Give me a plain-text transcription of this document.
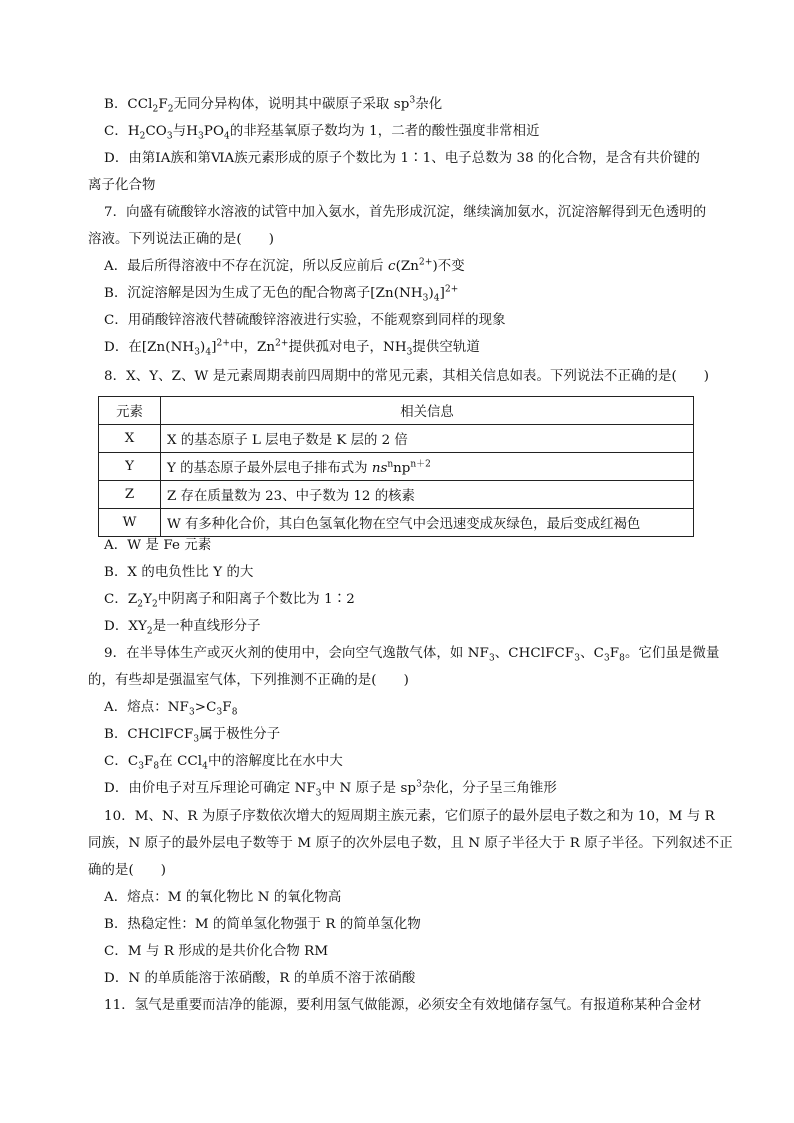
B．$CCl_2F_2$无同分异构体，说明其中碳原子采取 $sp^3$杂化
C．$H_2CO_3$与$H_3PO_4$的非羟基氧原子数均为 1，二者的酸性强度非常相近
D．由第ⅠA族和第ⅥA族元素形成的原子个数比为 1∶1、电子总数为 38 的化合物，是含有共价键的
离子化合物
7．向盛有硫酸锌水溶液的试管中加入氨水，首先形成沉淀，继续滴加氨水，沉淀溶解得到无色透明的
溶液。下列说法正确的是(　　)
A．最后所得溶液中不存在沉淀，所以反应前后 $c(Zn^{2+})$不变
B．沉淀溶解是因为生成了无色的配合物离子$[Zn(NH_3)_4]^{2+}$
C．用硝酸锌溶液代替硫酸锌溶液进行实验，不能观察到同样的现象
D．在$[Zn(NH_3)_4]^{2+}$中，$Zn^{2+}$提供孤对电子，$NH_3$提供空轨道
8．X、Y、Z、W 是元素周期表前四周期中的常见元素，其相关信息如表。下列说法不正确的是(　　)
元素	相关信息
X	X 的基态原子 L 层电子数是 K 层的 2 倍
Y	Y 的基态原子最外层电子排布式为 $ns^nnp^{n+2}$
Z	Z 存在质量数为 23、中子数为 12 的核素
W	W 有多种化合价，其白色氢氧化物在空气中会迅速变成灰绿色，最后变成红褐色
A．W 是 Fe 元素
B．X 的电负性比 Y 的大
C．$Z_2Y_2$中阴离子和阳离子个数比为 1∶2
D．$XY_2$是一种直线形分子
9．在半导体生产或灭火剂的使用中，会向空气逸散气体，如 $NF_3$、CHClFCF$_3$、$C_3F_8$。它们虽是微量
的，有些却是强温室气体，下列推测不正确的是(　　)
A．熔点：$NF_3>C_3F_8$
B．CHClFCF$_3$属于极性分子
C．$C_3F_8$在 CCl$_4$中的溶解度比在水中大
D．由价电子对互斥理论可确定 $NF_3$中 N 原子是 $sp^3$杂化，分子呈三角锥形
10．M、N、R 为原子序数依次增大的短周期主族元素，它们原子的最外层电子数之和为 10，M 与 R
同族，N 原子的最外层电子数等于 M 原子的次外层电子数，且 N 原子半径大于 R 原子半径。下列叙述不正
确的是(　　)
A．熔点：M 的氧化物比 N 的氧化物高
B．热稳定性：M 的简单氢化物强于 R 的简单氢化物
C．M 与 R 形成的是共价化合物 RM
D．N 的单质能溶于浓硝酸，R 的单质不溶于浓硝酸
11．氢气是重要而洁净的能源，要利用氢气做能源，必须安全有效地储存氢气。有报道称某种合金材
